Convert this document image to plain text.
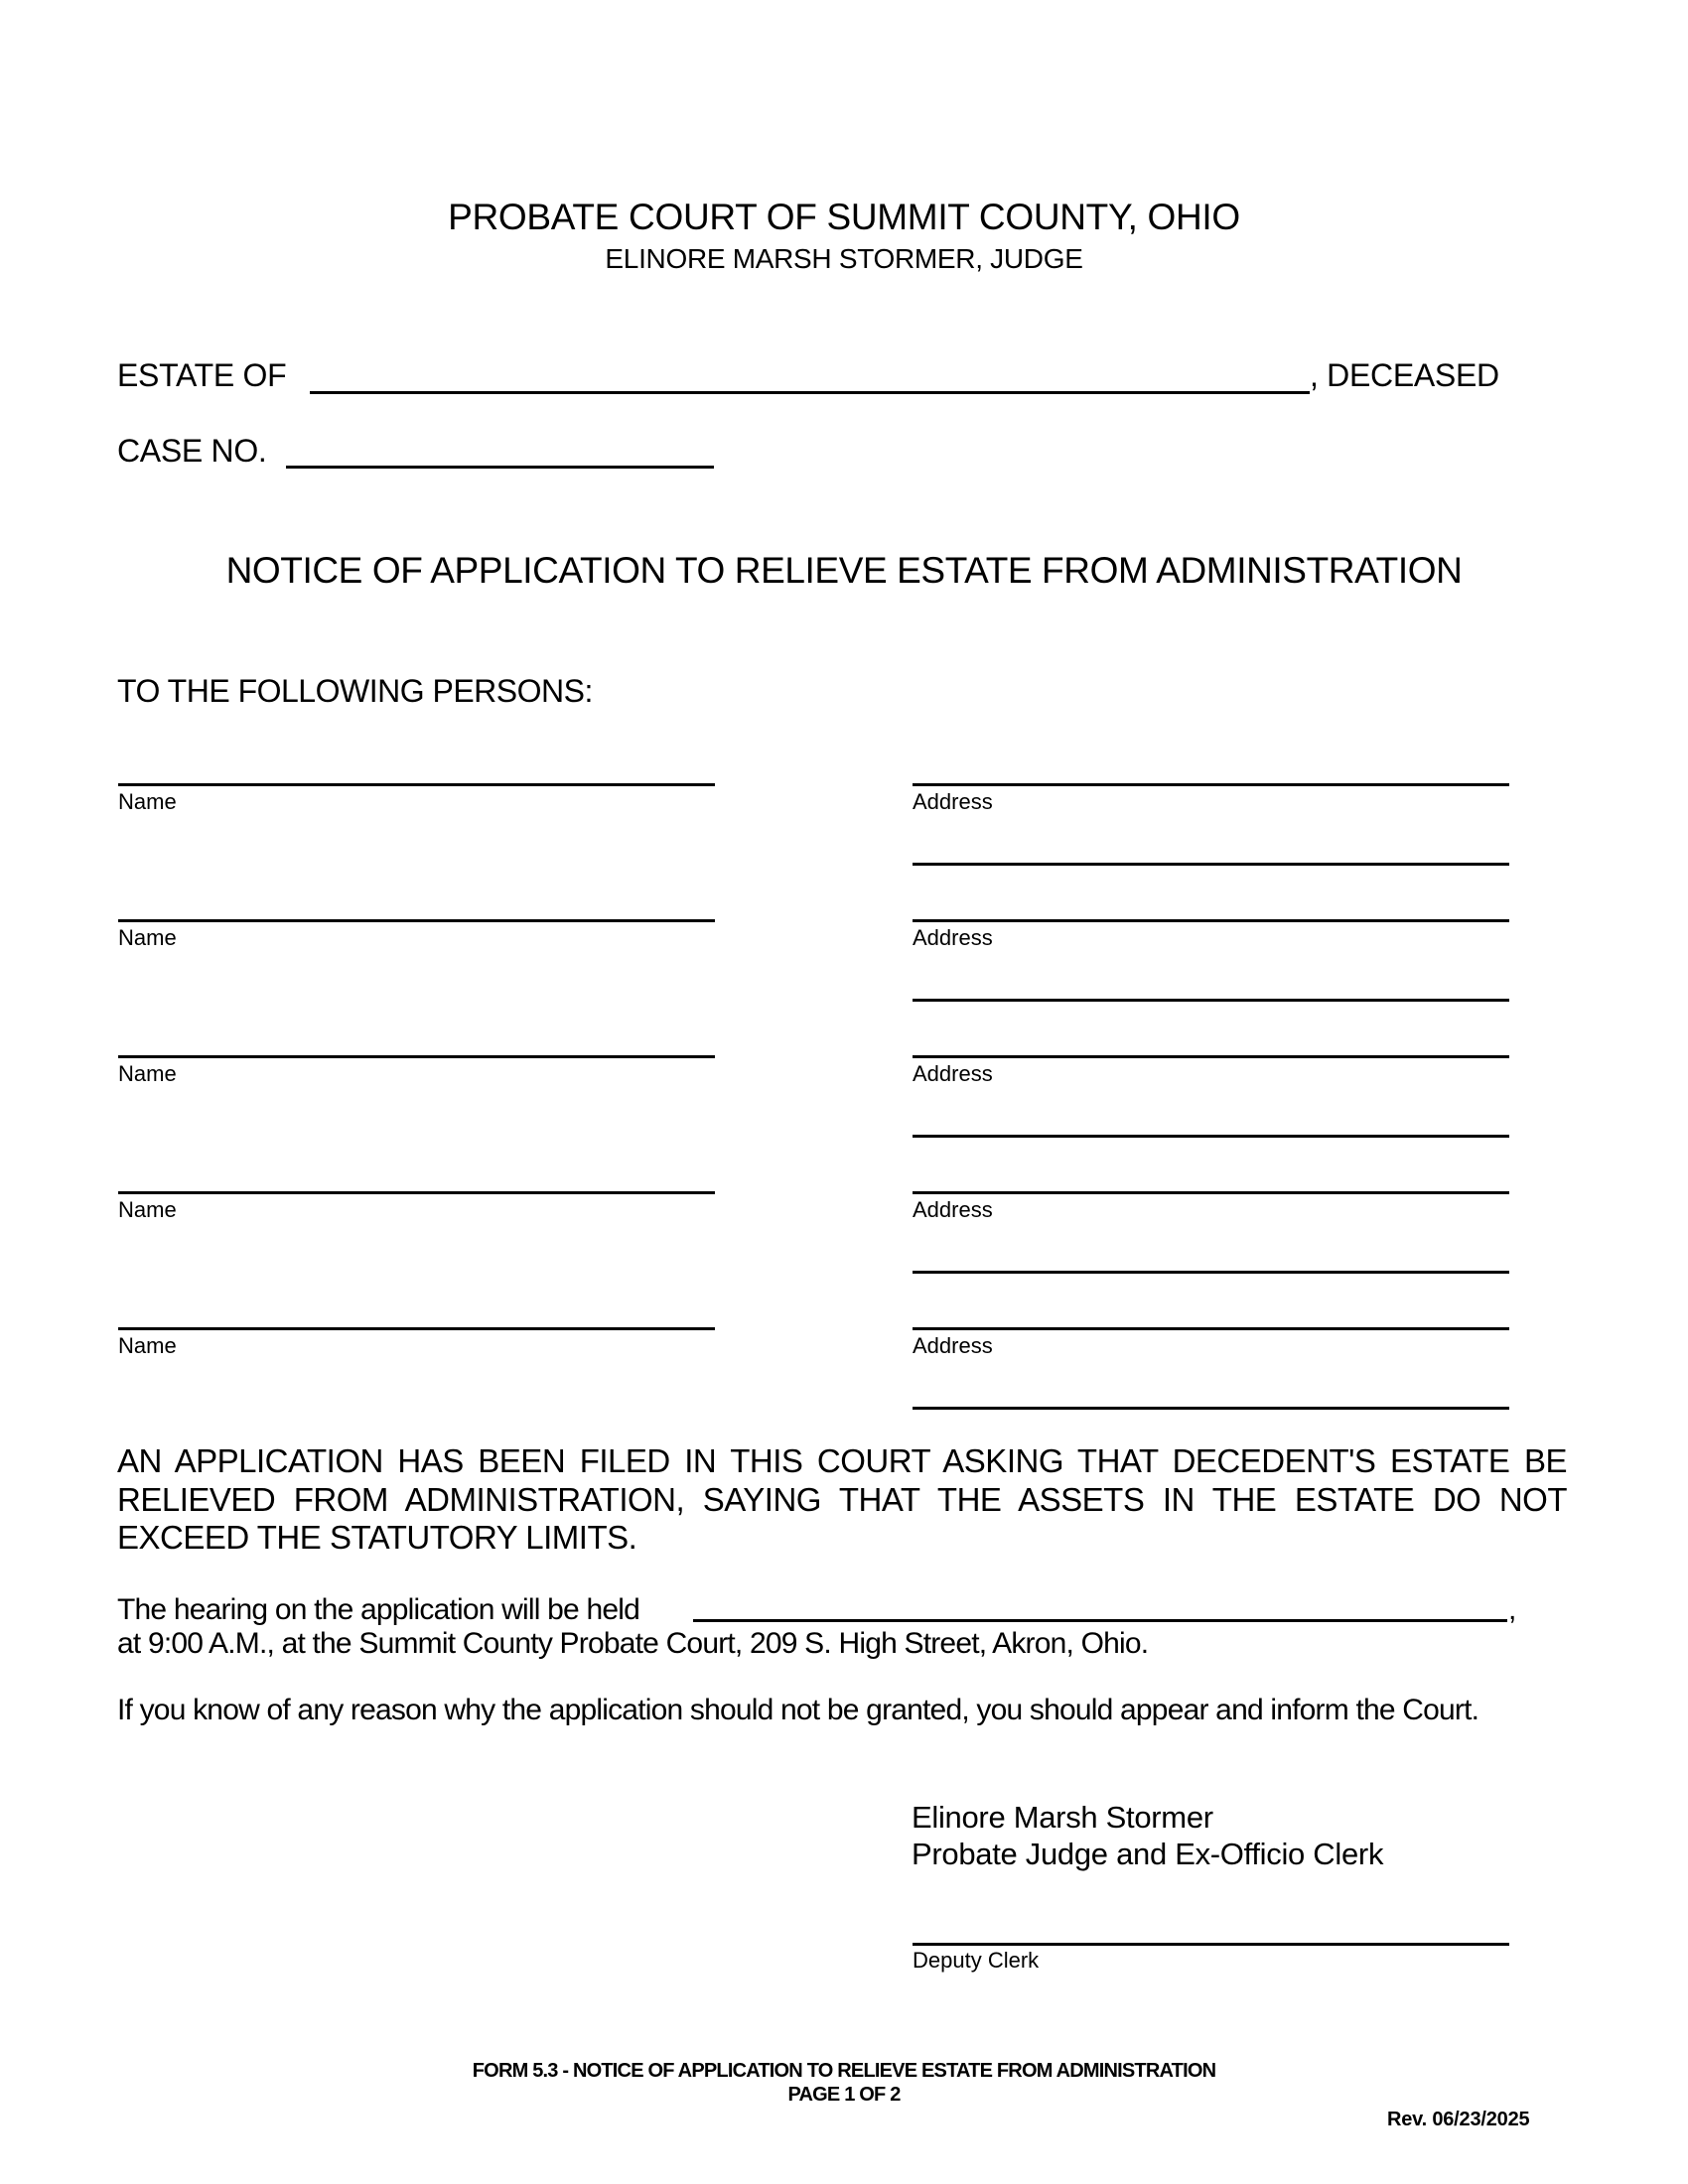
PROBATE COURT OF SUMMIT COUNTY, OHIO
ELINORE MARSH STORMER, JUDGE
ESTATE OF	, DECEASED
CASE NO.
NOTICE OF APPLICATION TO RELIEVE ESTATE FROM ADMINISTRATION
TO THE FOLLOWING PERSONS:
Name	Address
Name	Address
Name	Address
Name	Address
Name	Address
AN APPLICATION HAS BEEN FILED IN THIS COURT ASKING THAT DECEDENT'S ESTATE BE RELIEVED FROM ADMINISTRATION, SAYING THAT THE ASSETS IN THE ESTATE DO NOT EXCEED THE STATUTORY LIMITS.
The hearing on the application will be held	,
at 9:00 A.M., at the Summit County Probate Court, 209 S. High Street, Akron, Ohio.
If you know of any reason why the application should not be granted, you should appear and inform the Court.
Elinore Marsh Stormer
Probate Judge and Ex-Officio Clerk
Deputy Clerk
FORM 5.3 - NOTICE OF APPLICATION TO RELIEVE ESTATE FROM ADMINISTRATION
PAGE 1 OF 2
Rev. 06/23/2025
